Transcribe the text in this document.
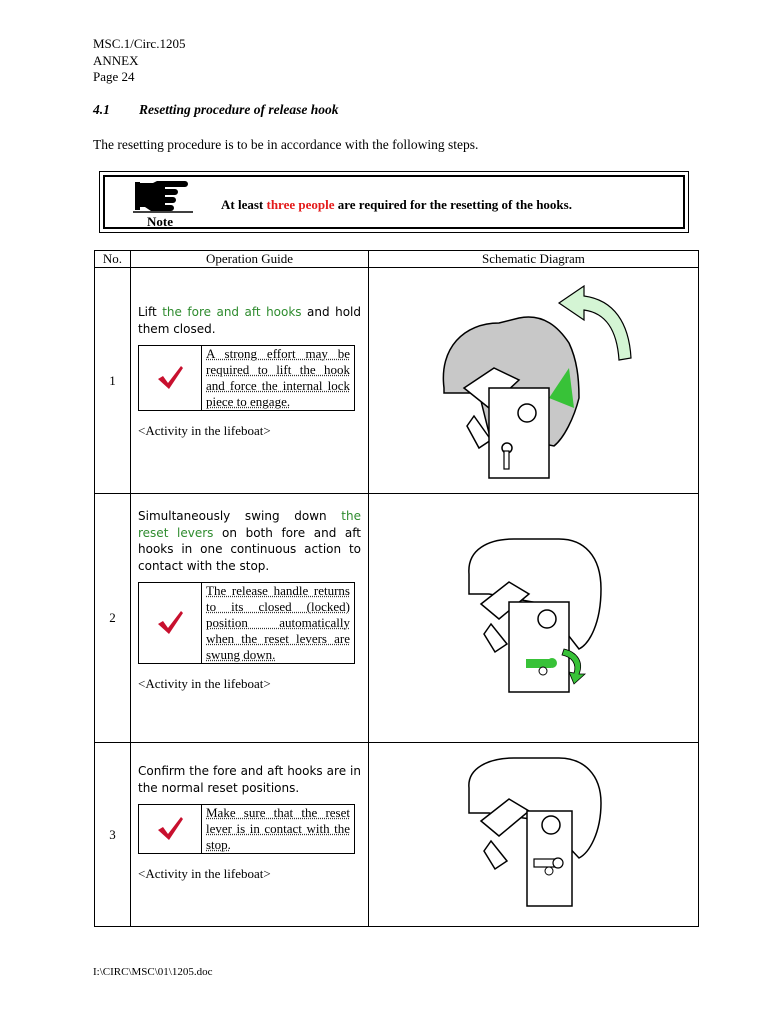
MSC.1/Circ.1205
ANNEX
Page 24
4.1 Resetting procedure of release hook
The resetting procedure is to be in accordance with the following steps.
Note
At least three people are required for the resetting of the hooks.
No.	Operation Guide	Schematic Diagram
1	Lift the fore and aft hooks and hold them closed.

A strong effort may be required to lift the hook and force the internal lock piece to engage.
<Activity in the lifeboat>

2	Simultaneously swing down the reset levers on both fore and aft hooks in one continuous action to contact with the stop.

The release handle returns to its closed (locked) position automatically when the reset levers are swung down.
<Activity in the lifeboat>

3	Confirm the fore and aft hooks are in the normal reset positions.

Make sure that the reset lever is in contact with the stop.
<Activity in the lifeboat>

I:\CIRC\MSC\01\1205.doc
